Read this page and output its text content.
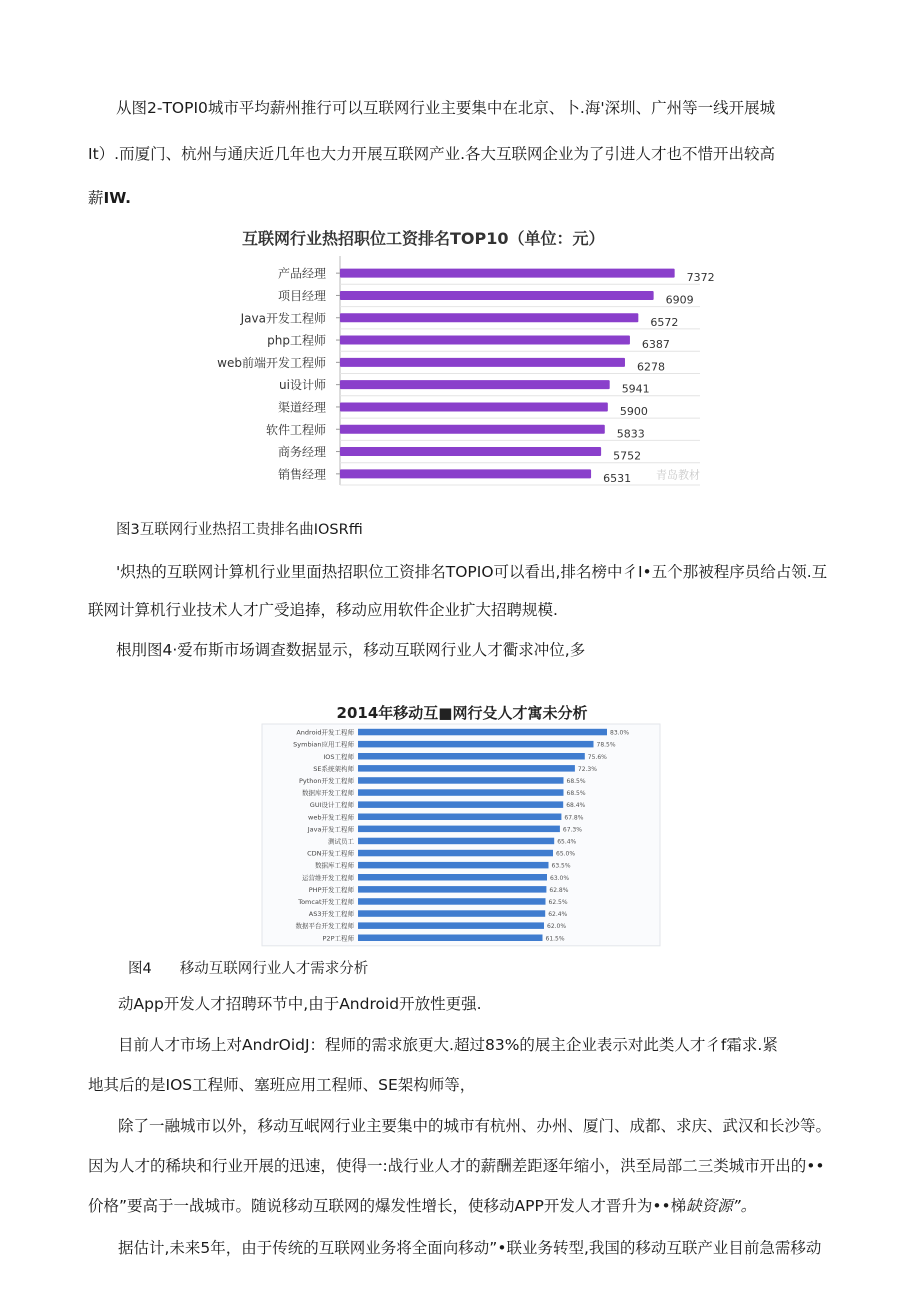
从图2-TOPI0城市平均薪州推行可以互联网行业主要集中在北京、卜.海'深圳、广州等一线开展城
It）.而厦门、杭州与通庆近几年也大力开展互联网产业.各大互联网企业为了引进人才也不惜开出较高
薪IW.
互联网行业热招职位工资排名TOP10（单位：元）
产品经理	7372
项目经理	6909
Java开发工程师	6572
php工程师	6387
web前端开发工程师	6278
ui设计师	5941
渠道经理	5900
软件工程师	5833
商务经理	5752
销售经理	6531 青岛教材
图3互联网行业热招工贵排名曲IOSRffi
'炽热的互联网计算机行业里面热招职位工资排名TOPIO可以看出,排名榜中彳I•五个那被程序员给占领.互
联网计算机行业技术人才广受追捧，移动应用软件企业扩大招聘规模.
根刖图4·爱布斯市场调查数据显示，移动互联网行业人才衢求冲位,多
2014年移动互■网行殳人才寓未分析
Android开发工程师	83.0%
Symbian应用工程师	78.5%
IOS工程师	75.6%
SE系统架构师	72.3%
Python开发工程师	68.5%
数据库开发工程师	68.5%
GUI设计工程师	68.4%
web开发工程师	67.8%
Java开发工程师	67.3%
测试员工	65.4%
CDN开发工程师	65.0%
数据库工程师	63.5%
运营维开发工程师	63.0%
PHP开发工程师	62.8%
Tomcat开发工程师	62.5%
AS3开发工程师	62.4%
数据平台开发工程师	62.0%
P2P工程师	61.5%
图4 移动互联网行业人才需求分析
动App开发人才招聘环节中,由于Android开放性更强.
目前人才市场上对AndrOidJ：程师的需求旅更大.超过83%的展主企业表示对此类人才彳f霜求.紧
地其后的是IOS工程师、塞班应用工程师、SE架构师等，
除了一融城市以外，移动互岷网行业主要集中的城市有杭州、办州、厦门、成都、求庆、武汉和长沙等。
因为人才的稀块和行业开展的迅速，使得一:战行业人才的薪酬差距逐年缩小，洪至局部二三类城市开出的••
价格”要高于一战城市。随说移动互联网的爆发性增长，使移动APP开发人才晋升为••梯缺资源”。
据估计,未来5年，由于传统的互联网业务将全面向移动”•联业务转型,我国的移动互联产业目前急需移动
